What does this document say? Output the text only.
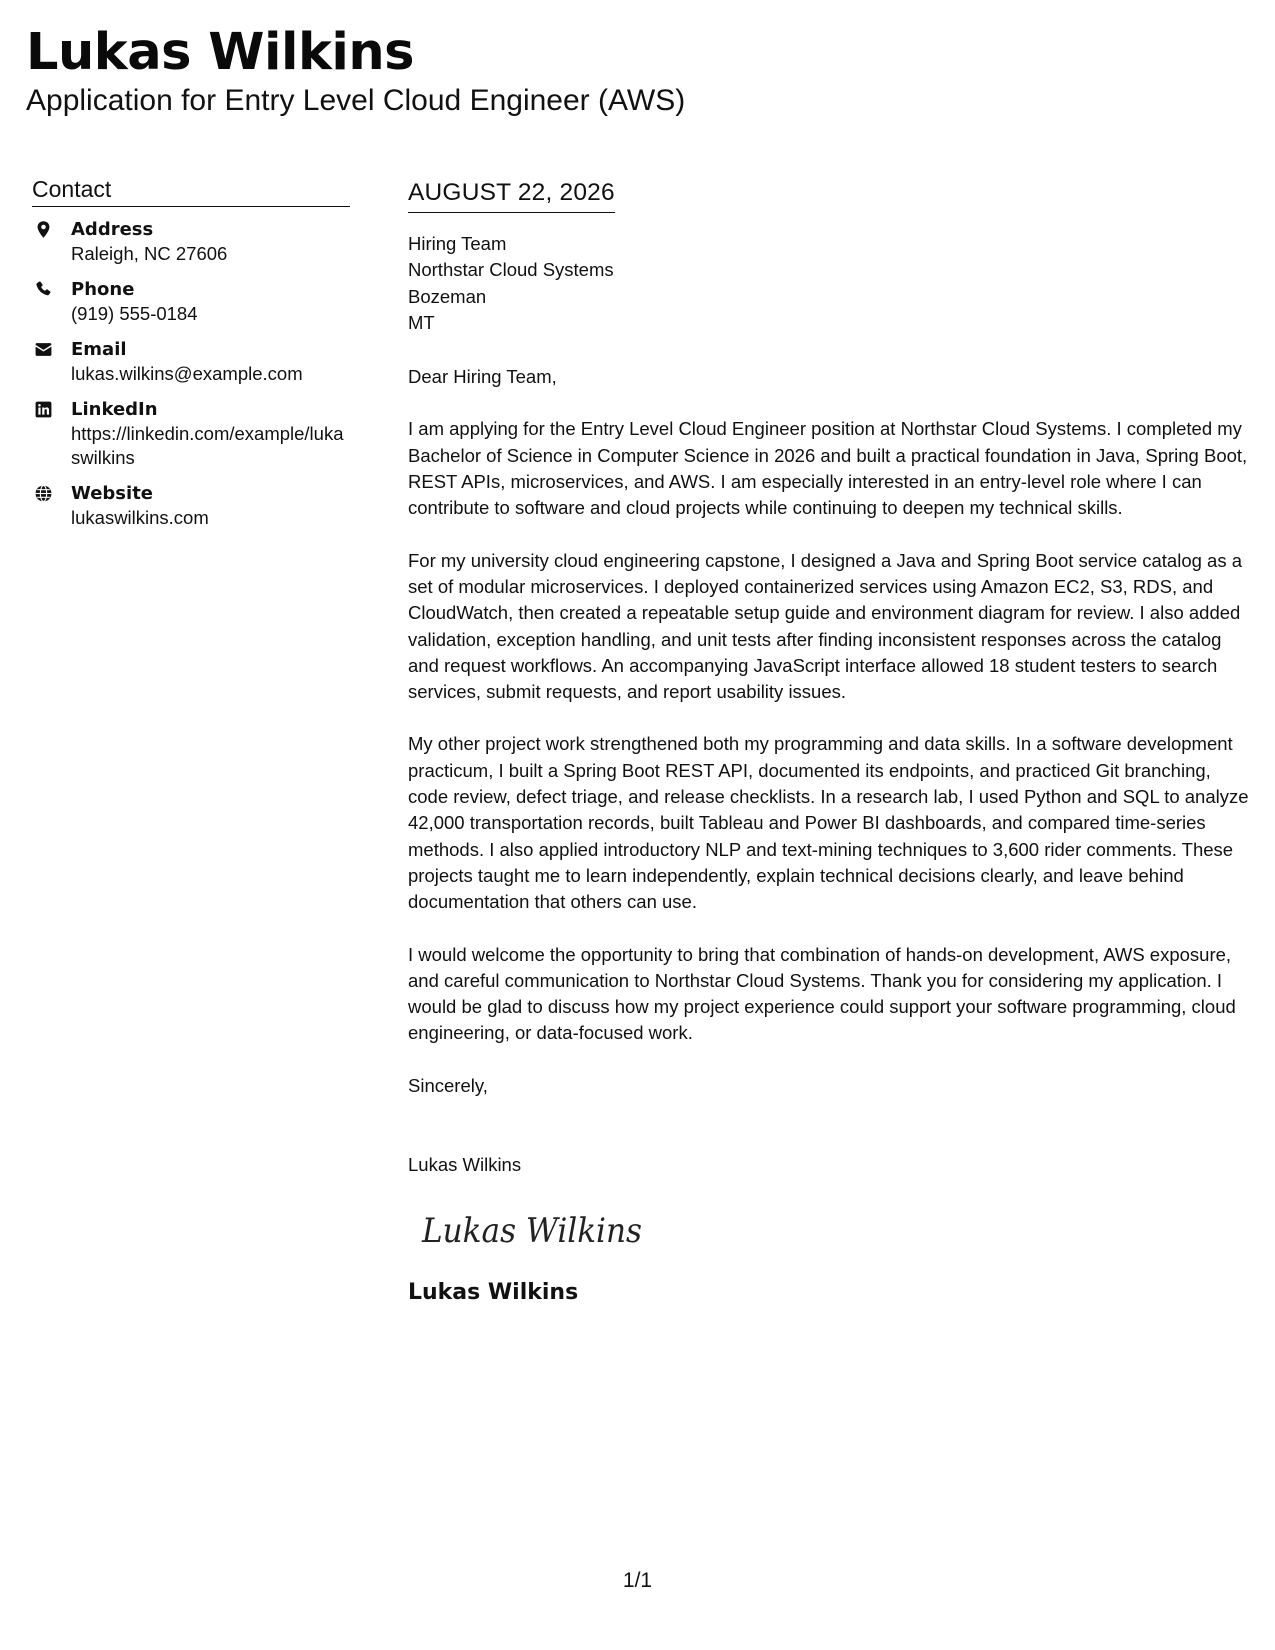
Lukas Wilkins
Application for Entry Level Cloud Engineer (AWS)
Contact
Address
Raleigh, NC 27606
Phone
(919) 555-0184
Email
lukas.wilkins@example.com
LinkedIn
https://linkedin.com/example/lukaswilkins
Website
lukaswilkins.com
AUGUST 22, 2026
Hiring Team
Northstar Cloud Systems
Bozeman
MT

Dear Hiring Team,

I am applying for the Entry Level Cloud Engineer position at Northstar Cloud Systems. I completed my Bachelor of Science in Computer Science in 2026 and built a practical foundation in Java, Spring Boot, REST APIs, microservices, and AWS. I am especially interested in an entry-level role where I can contribute to software and cloud projects while continuing to deepen my technical skills.

For my university cloud engineering capstone, I designed a Java and Spring Boot service catalog as a set of modular microservices. I deployed containerized services using Amazon EC2, S3, RDS, and CloudWatch, then created a repeatable setup guide and environment diagram for review. I also added validation, exception handling, and unit tests after finding inconsistent responses across the catalog and request workflows. An accompanying JavaScript interface allowed 18 student testers to search services, submit requests, and report usability issues.

My other project work strengthened both my programming and data skills. In a software development practicum, I built a Spring Boot REST API, documented its endpoints, and practiced Git branching, code review, defect triage, and release checklists. In a research lab, I used Python and SQL to analyze 42,000 transportation records, built Tableau and Power BI dashboards, and compared time-series methods. I also applied introductory NLP and text-mining techniques to 3,600 rider comments. These projects taught me to learn independently, explain technical decisions clearly, and leave behind documentation that others can use.

I would welcome the opportunity to bring that combination of hands-on development, AWS exposure, and careful communication to Northstar Cloud Systems. Thank you for considering my application. I would be glad to discuss how my project experience could support your software programming, cloud engineering, or data-focused work.

Sincerely,

Lukas Wilkins

Lukas Wilkins
Lukas Wilkins
1/1
